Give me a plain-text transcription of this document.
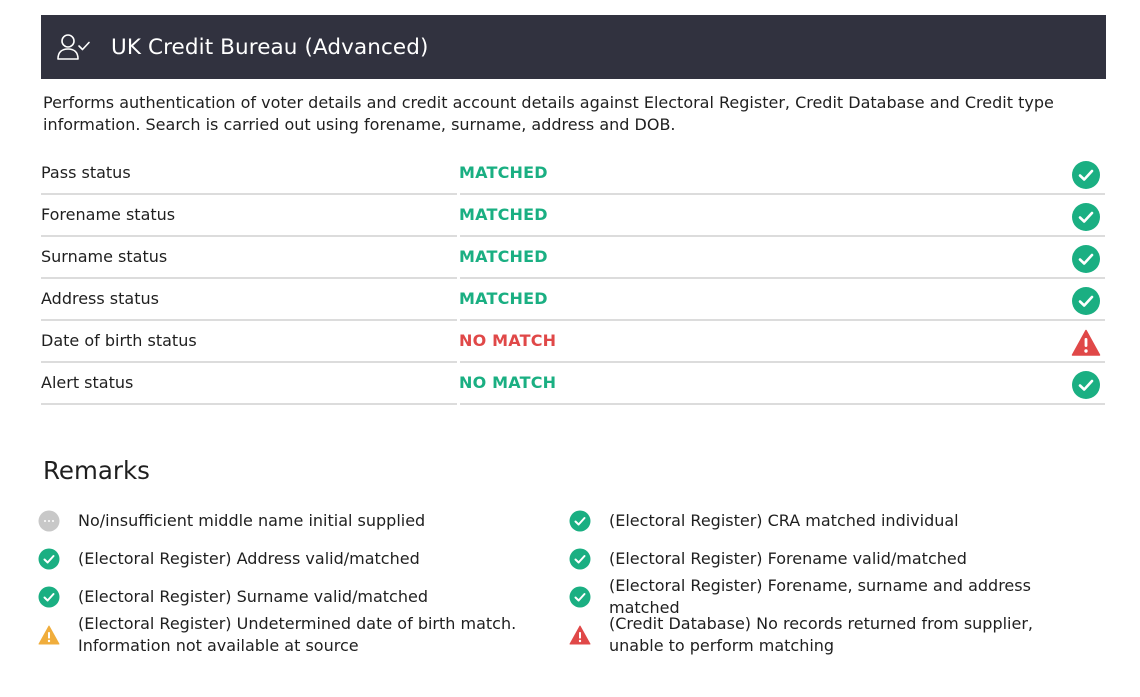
UK Credit Bureau (Advanced)
Performs authentication of voter details and credit account details against Electoral Register, Credit Database and Credit type information. Search is carried out using forename, surname, address and DOB.
Pass status	MATCHED
Forename status	MATCHED
Surname status	MATCHED
Address status	MATCHED
Date of birth status	NO MATCH
Alert status	NO MATCH
Remarks
No/insufficient middle name initial supplied	(Electoral Register) CRA matched individual
(Electoral Register) Address valid/matched	(Electoral Register) Forename valid/matched
(Electoral Register) Surname valid/matched
(Electoral Register) Forename, surname and address matched
(Electoral Register) Undetermined date of birth match. Information not available at source
(Credit Database) No records returned from supplier, unable to perform matching
